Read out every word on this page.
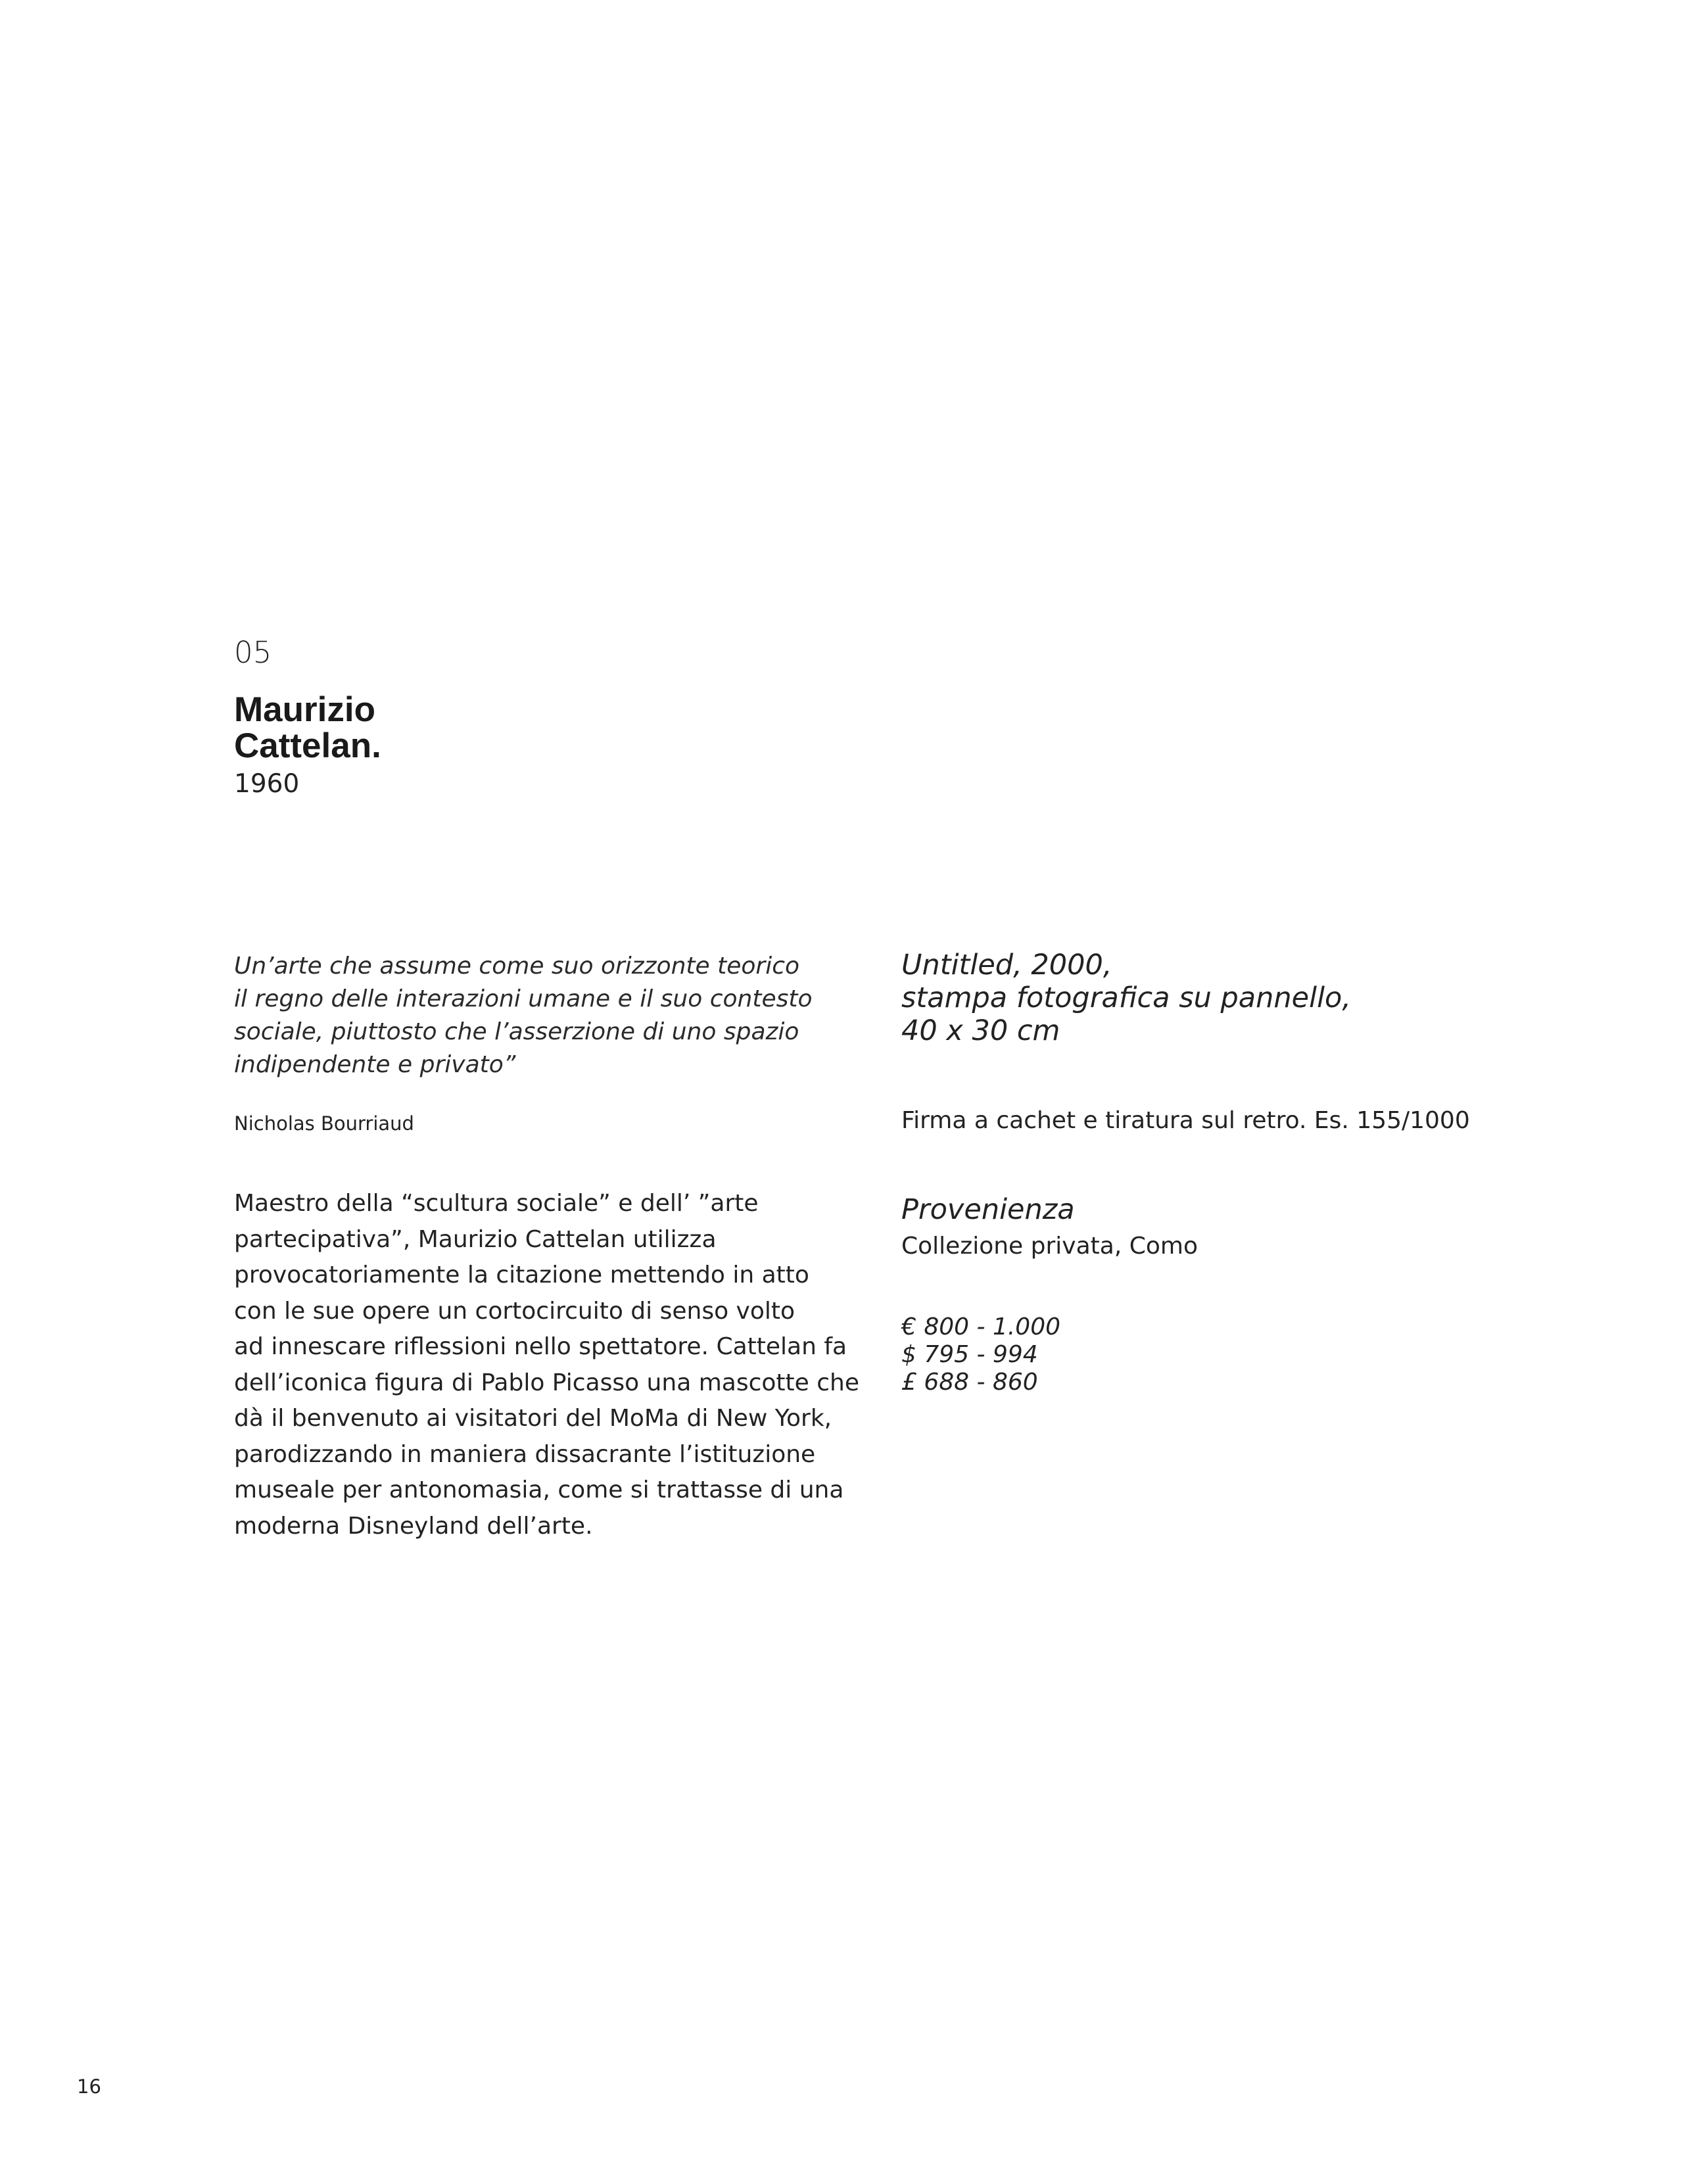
05
Maurizio
Cattelan.
1960
Un’arte che assume come suo orizzonte teorico
il regno delle interazioni umane e il suo contesto
sociale, piuttosto che l’asserzione di uno spazio
indipendente e privato”
Nicholas Bourriaud
Maestro della “scultura sociale” e dell’ ”arte
partecipativa”, Maurizio Cattelan utilizza
provocatoriamente la citazione mettendo in atto
con le sue opere un cortocircuito di senso volto
ad innescare riflessioni nello spettatore. Cattelan fa
dell’iconica figura di Pablo Picasso una mascotte che
dà il benvenuto ai visitatori del MoMa di New York,
parodizzando in maniera dissacrante l’istituzione
museale per antonomasia, come si trattasse di una
moderna Disneyland dell’arte.
Untitled, 2000,
stampa fotografica su pannello,
40 x 30 cm
Firma a cachet e tiratura sul retro. Es. 155/1000
Provenienza
Collezione privata, Como
€ 800 - 1.000
$ 795 - 994
£ 688 - 860
16
